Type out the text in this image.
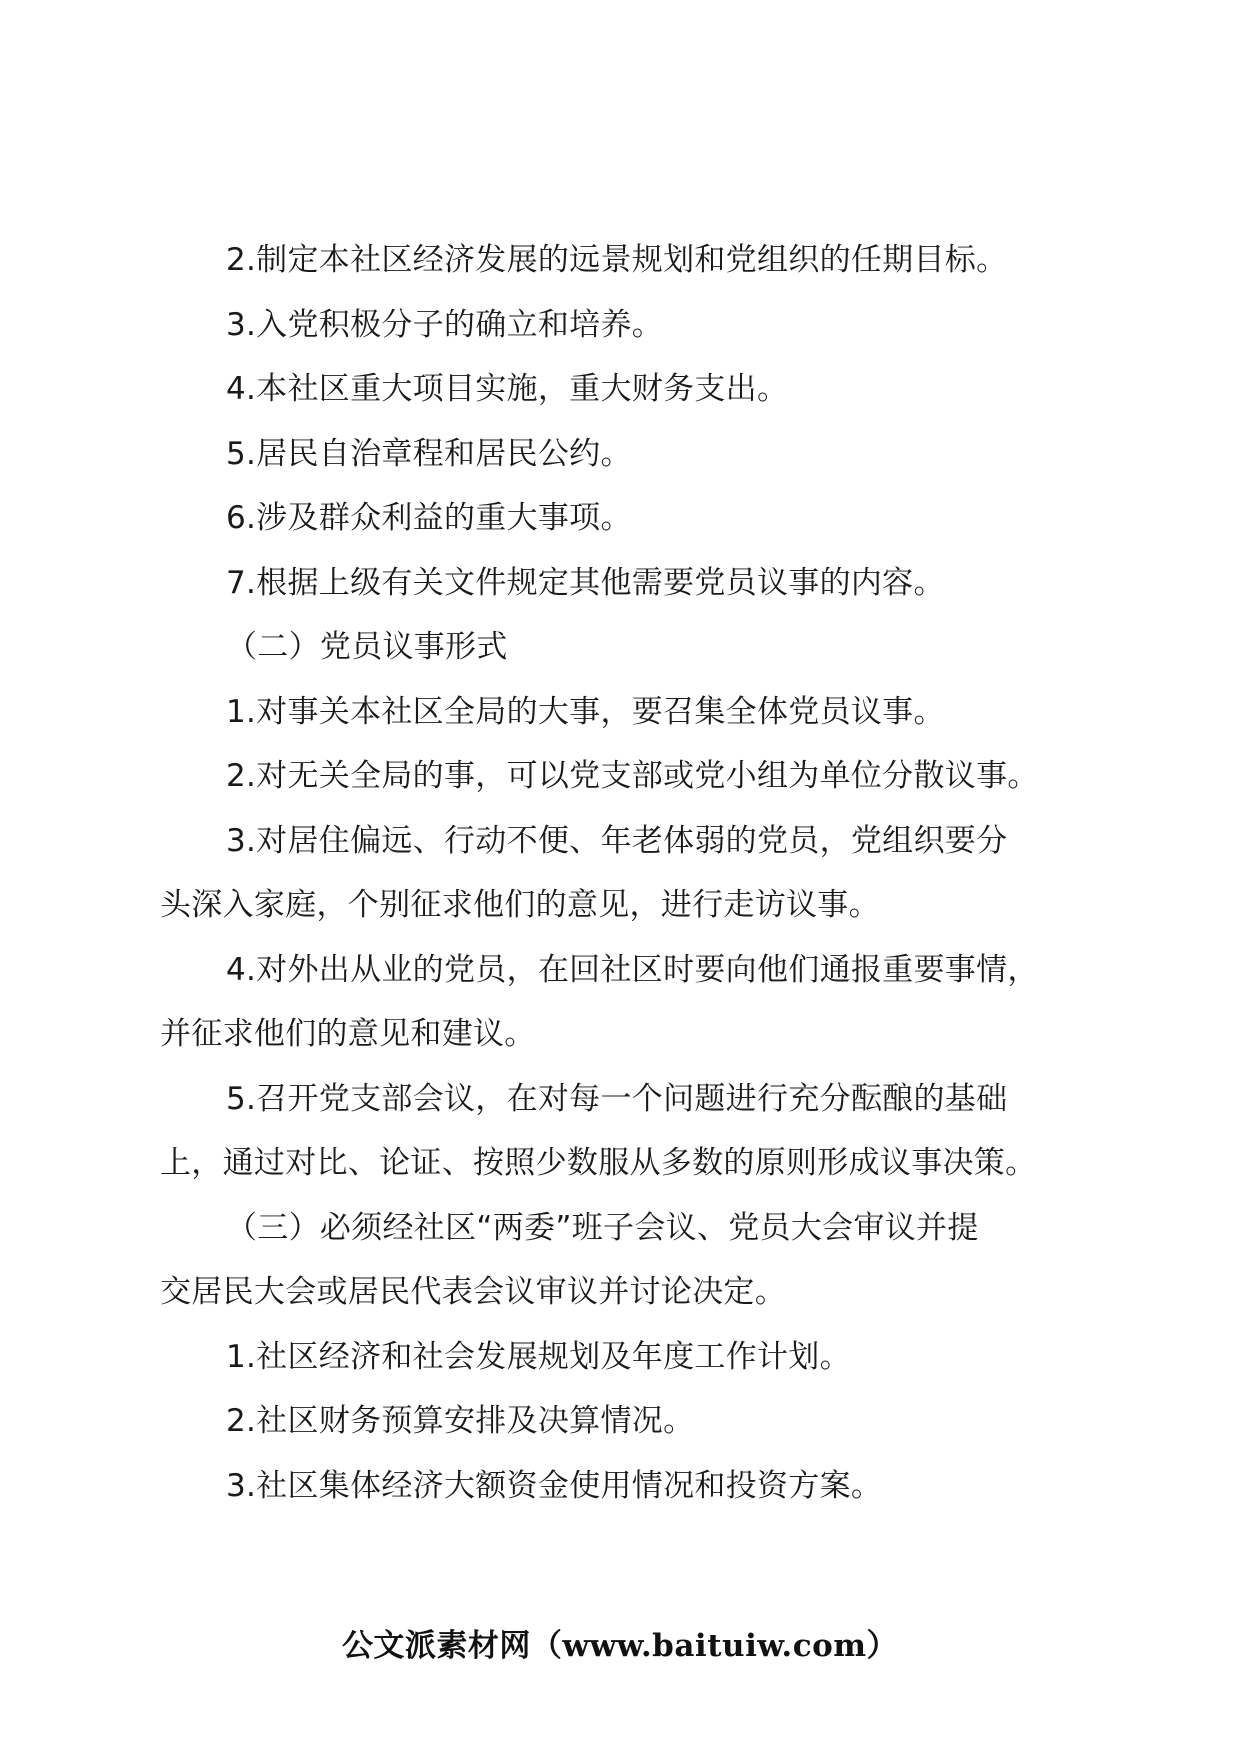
2.制定本社区经济发展的远景规划和党组织的任期目标。
3.入党积极分子的确立和培养。
4.本社区重大项目实施，重大财务支出。
5.居民自治章程和居民公约。
6.涉及群众利益的重大事项。
7.根据上级有关文件规定其他需要党员议事的内容。
（二）党员议事形式
1.对事关本社区全局的大事，要召集全体党员议事。
2.对无关全局的事，可以党支部或党小组为单位分散议事。
3.对居住偏远、行动不便、年老体弱的党员，党组织要分
头深入家庭，个别征求他们的意见，进行走访议事。
4.对外出从业的党员，在回社区时要向他们通报重要事情，
并征求他们的意见和建议。
5.召开党支部会议，在对每一个问题进行充分酝酿的基础
上，通过对比、论证、按照少数服从多数的原则形成议事决策。
（三）必须经社区“两委”班子会议、党员大会审议并提
交居民大会或居民代表会议审议并讨论决定。
1.社区经济和社会发展规划及年度工作计划。
2.社区财务预算安排及决算情况。
3.社区集体经济大额资金使用情况和投资方案。
公文派素材网（www.baituiw.com）
